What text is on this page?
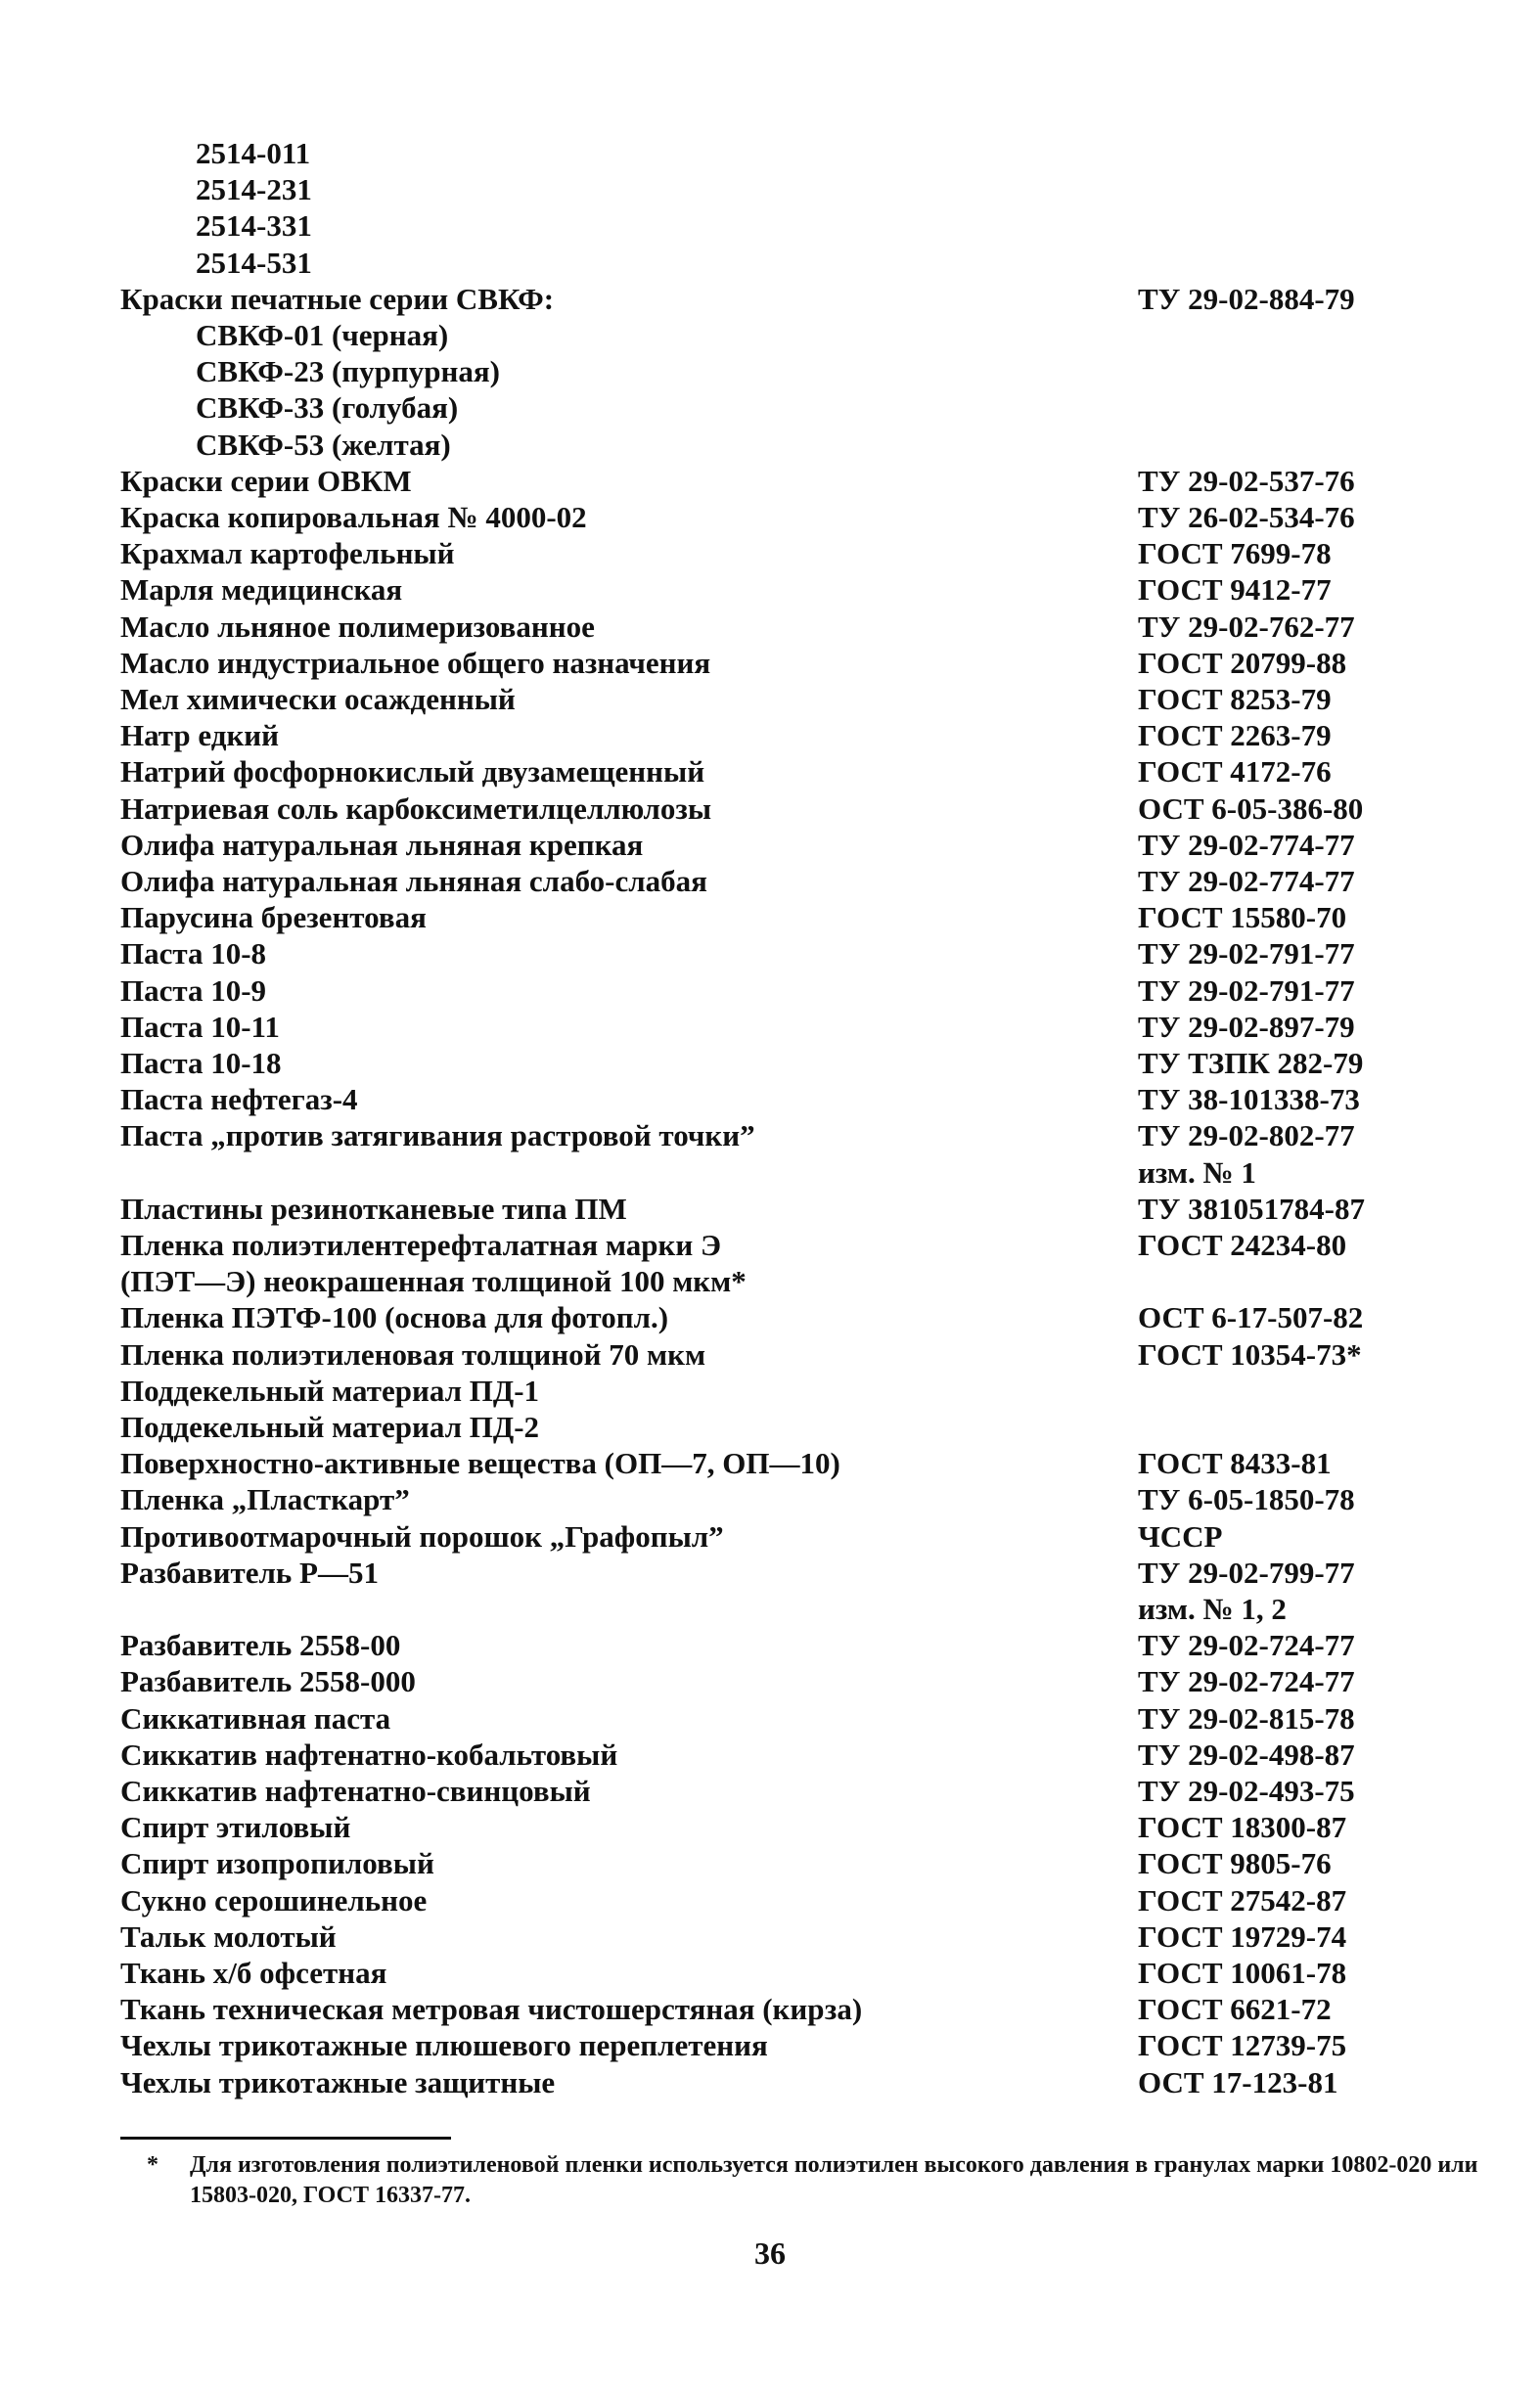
2514-011
2514-231
2514-331
2514-531
Краски печатные серии СВКФ:	ТУ 29-02-884-79
СВКФ-01 (черная)
СВКФ-23 (пурпурная)
СВКФ-33 (голубая)
СВКФ-53 (желтая)
Краски серии ОВКМ	ТУ 29-02-537-76
Краска копировальная № 4000-02	ТУ 26-02-534-76
Крахмал картофельный	ГОСТ 7699-78
Марля медицинская	ГОСТ 9412-77
Масло льняное полимеризованное	ТУ 29-02-762-77
Масло индустриальное общего назначения	ГОСТ 20799-88
Мел химически осажденный	ГОСТ 8253-79
Натр едкий	ГОСТ 2263-79
Натрий фосфорнокислый двузамещенный	ГОСТ 4172-76
Натриевая соль карбоксиметилцеллюлозы	ОСТ 6-05-386-80
Олифа натуральная льняная крепкая	ТУ 29-02-774-77
Олифа натуральная льняная слабо-слабая	ТУ 29-02-774-77
Парусина брезентовая	ГОСТ 15580-70
Паста 10-8	ТУ 29-02-791-77
Паста 10-9	ТУ 29-02-791-77
Паста 10-11	ТУ 29-02-897-79
Паста 10-18	ТУ ТЗПК 282-79
Паста нефтегаз-4	ТУ 38-101338-73
Паста „против затягивания растровой точки”	ТУ 29-02-802-77
изм. № 1
Пластины резинотканевые типа ПМ	ТУ 381051784-87
Пленка полиэтилентерефталатная марки Э	ГОСТ 24234-80
(ПЭТ—Э) неокрашенная толщиной 100 мкм*
Пленка ПЭТФ-100 (основа для фотопл.)	ОСТ 6-17-507-82
Пленка полиэтиленовая толщиной 70 мкм	ГОСТ 10354-73*
Поддекельный материал ПД-1
Поддекельный материал ПД-2
Поверхностно-активные вещества (ОП—7, ОП—10)	ГОСТ 8433-81
Пленка „Пласткарт”	ТУ 6-05-1850-78
Противоотмарочный порошок „Графопыл”	ЧССР
Разбавитель Р—51	ТУ 29-02-799-77
изм. № 1, 2
Разбавитель 2558-00	ТУ 29-02-724-77
Разбавитель 2558-000	ТУ 29-02-724-77
Сиккативная паста	ТУ 29-02-815-78
Сиккатив нафтенатно-кобальтовый	ТУ 29-02-498-87
Сиккатив нафтенатно-свинцовый	ТУ 29-02-493-75
Спирт этиловый	ГОСТ 18300-87
Спирт изопропиловый	ГОСТ 9805-76
Сукно серошинельное	ГОСТ 27542-87
Тальк молотый	ГОСТ 19729-74
Ткань х/б офсетная	ГОСТ 10061-78
Ткань техническая метровая чистошерстяная (кирза)	ГОСТ 6621-72
Чехлы трикотажные плюшевого переплетения	ГОСТ 12739-75
Чехлы трикотажные защитные	ОСТ 17-123-81
*	Для изготовления полиэтиленовой пленки используется полиэтилен высокого давления в гранулах марки 10802-020 или 15803-020, ГОСТ 16337-77.
36
